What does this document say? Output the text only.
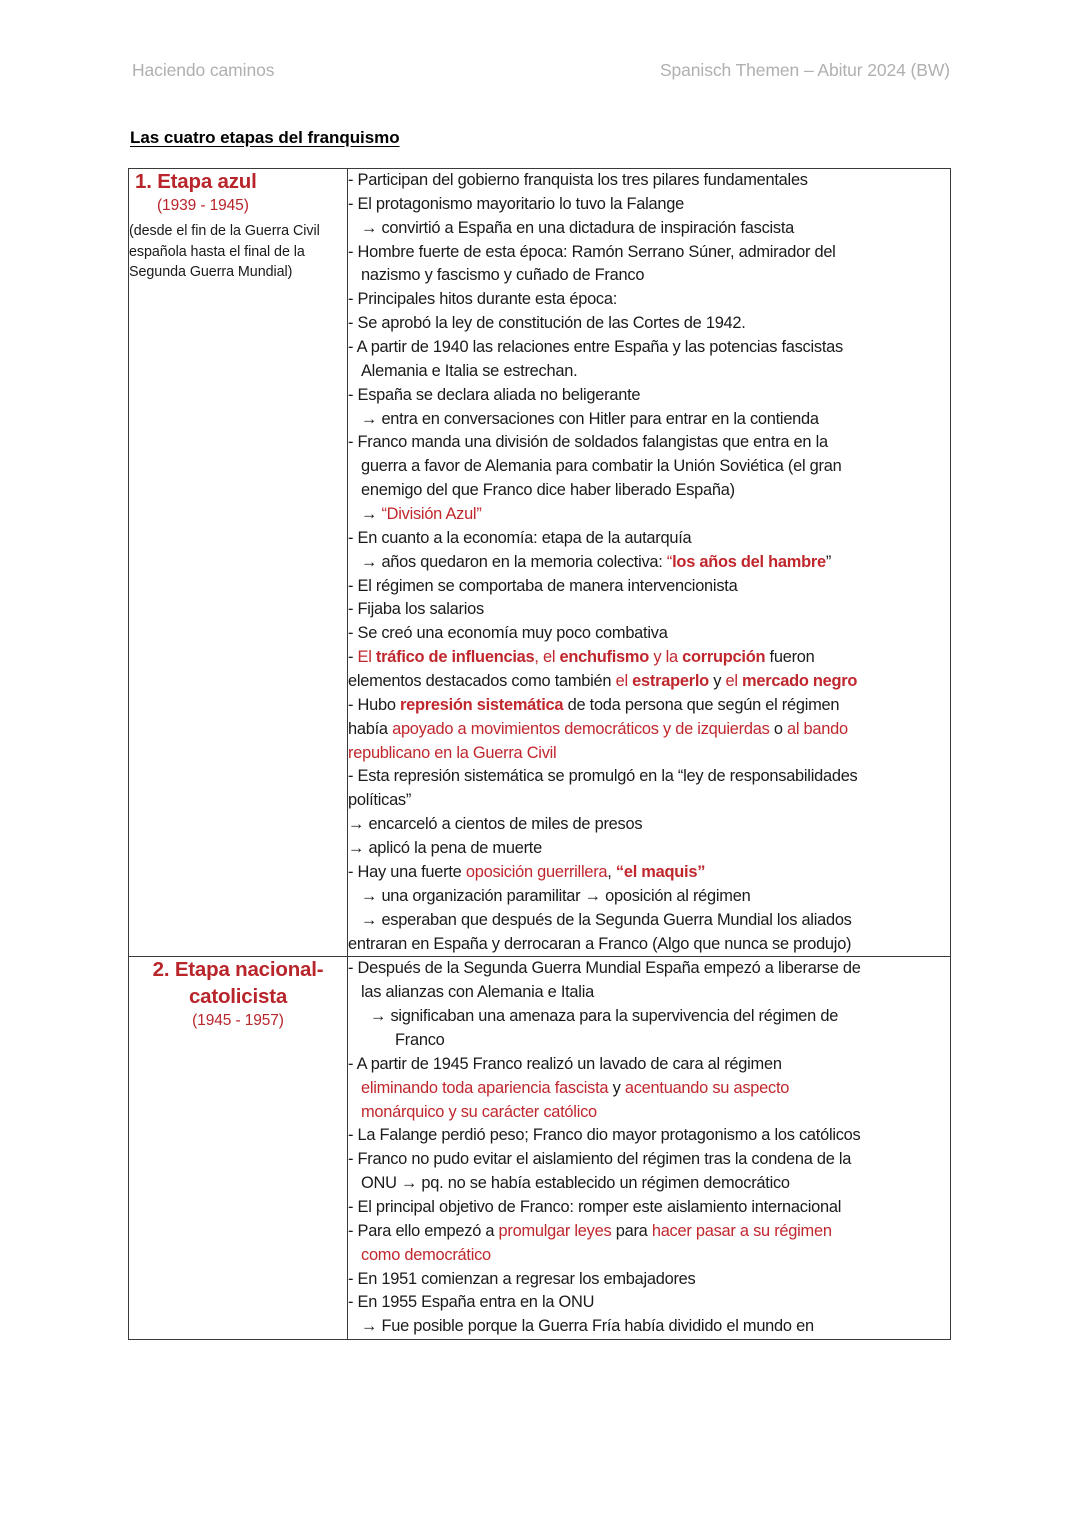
Haciendo caminos	Spanisch Themen – Abitur 2024 (BW)
Las cuatro etapas del franquismo
1. Etapa azul
(1939 - 1945)
(desde el fin de la Guerra Civil española hasta el final de la Segunda Guerra Mundial)

- Participan del gobierno franquista los tres pilares fundamentales
- El protagonismo mayoritario lo tuvo la Falange
→ convirtió a España en una dictadura de inspiración fascista
- Hombre fuerte de esta época: Ramón Serrano Súner, admirador del
nazismo y fascismo y cuñado de Franco
- Principales hitos durante esta época:
- Se aprobó la ley de constitución de las Cortes de 1942.
- A partir de 1940 las relaciones entre España y las potencias fascistas
Alemania e Italia se estrechan.
- España se declara aliada no beligerante
→ entra en conversaciones con Hitler para entrar en la contienda
- Franco manda una división de soldados falangistas que entra en la
guerra a favor de Alemania para combatir la Unión Soviética (el gran
enemigo del que Franco dice haber liberado España)
→ “División Azul”
- En cuanto a la economía: etapa de la autarquía
→ años quedaron en la memoria colectiva: “los años del hambre”
- El régimen se comportaba de manera intervencionista
- Fijaba los salarios
- Se creó una economía muy poco combativa
- El tráfico de influencias, el enchufismo y la corrupción fueron
elementos destacados como también el estraperlo y el mercado negro
- Hubo represión sistemática de toda persona que según el régimen
había apoyado a movimientos democráticos y de izquierdas o al bando
republicano en la Guerra Civil
- Esta represión sistemática se promulgó en la “ley de responsabilidades
políticas”
→ encarceló a cientos de miles de presos
→ aplicó la pena de muerte
- Hay una fuerte oposición guerrillera, “el maquis”
→ una organización paramilitar → oposición al régimen
→ esperaban que después de la Segunda Guerra Mundial los aliados
entraran en España y derrocaran a Franco (Algo que nunca se produjo)

2. Etapa nacional-catolicista
(1945 - 1957)

- Después de la Segunda Guerra Mundial España empezó a liberarse de
las alianzas con Alemania e Italia
→ significaban una amenaza para la supervivencia del régimen de
Franco
- A partir de 1945 Franco realizó un lavado de cara al régimen
eliminando toda apariencia fascista y acentuando su aspecto
monárquico y su carácter católico
- La Falange perdió peso; Franco dio mayor protagonismo a los católicos
- Franco no pudo evitar el aislamiento del régimen tras la condena de la
ONU → pq. no se había establecido un régimen democrático
- El principal objetivo de Franco: romper este aislamiento internacional
- Para ello empezó a promulgar leyes para hacer pasar a su régimen
como democrático
- En 1951 comienzan a regresar los embajadores
- En 1955 España entra en la ONU
→ Fue posible porque la Guerra Fría había dividido el mundo en
